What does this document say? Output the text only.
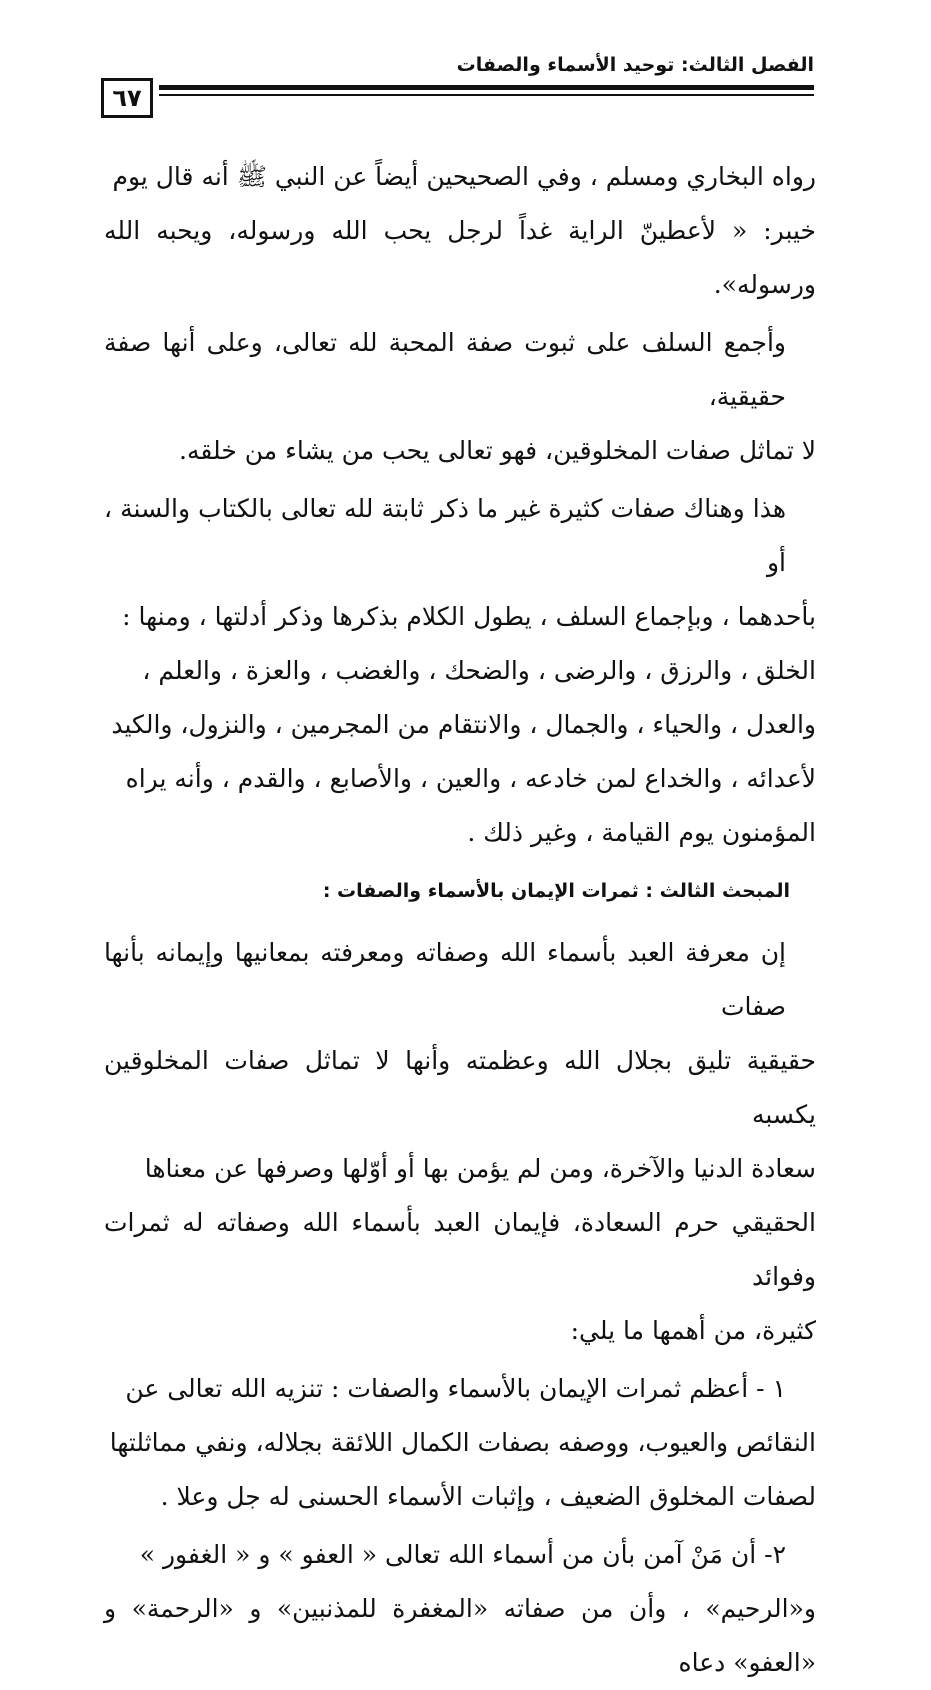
الفصل الثالث: توحيد الأسماء والصفات
٦٧

رواه البخاري ومسلم ، وفي الصحيحين أيضاً عن النبي ﷺ أنه قال يوم
خيبر: « لأعطينّ الراية غداً لرجل يحب الله ورسوله، ويحبه الله ورسوله».

وأجمع السلف على ثبوت صفة المحبة لله تعالى، وعلى أنها صفة حقيقية،
لا تماثل صفات المخلوقين، فهو تعالى يحب من يشاء من خلقه.

هذا وهناك صفات كثيرة غير ما ذكر ثابتة لله تعالى بالكتاب والسنة ، أو
بأحدهما ، وبإجماع السلف ، يطول الكلام بذكرها وذكر أدلتها ، ومنها :
الخلق ، والرزق ، والرضى ، والضحك ، والغضب ، والعزة ، والعلم ،
والعدل ، والحياء ، والجمال ، والانتقام من المجرمين ، والنزول، والكيد
لأعدائه ، والخداع لمن خادعه ، والعين ، والأصابع ، والقدم ، وأنه يراه
المؤمنون يوم القيامة ، وغير ذلك .

المبحث الثالث : ثمرات الإيمان بالأسماء والصفات :

إن معرفة العبد بأسماء الله وصفاته ومعرفته بمعانيها وإيمانه بأنها صفات
حقيقية تليق بجلال الله وعظمته وأنها لا تماثل صفات المخلوقين يكسبه
سعادة الدنيا والآخرة، ومن لم يؤمن بها أو أوّلها وصرفها عن معناها
الحقيقي حرم السعادة، فإيمان العبد بأسماء الله وصفاته له ثمرات وفوائد
كثيرة، من أهمها ما يلي:

١ - أعظم ثمرات الإيمان بالأسماء والصفات : تنزيه الله تعالى عن
النقائص والعيوب، ووصفه بصفات الكمال اللائقة بجلاله، ونفي مماثلتها
لصفات المخلوق الضعيف ، وإثبات الأسماء الحسنى له جل وعلا .

٢- أن مَنْ آمن بأن من أسماء الله تعالى « العفو » و « الغفور »
و«الرحيم» ، وأن من صفاته «المغفرة للمذنبين» و «الرحمة» و «العفو» دعاه
